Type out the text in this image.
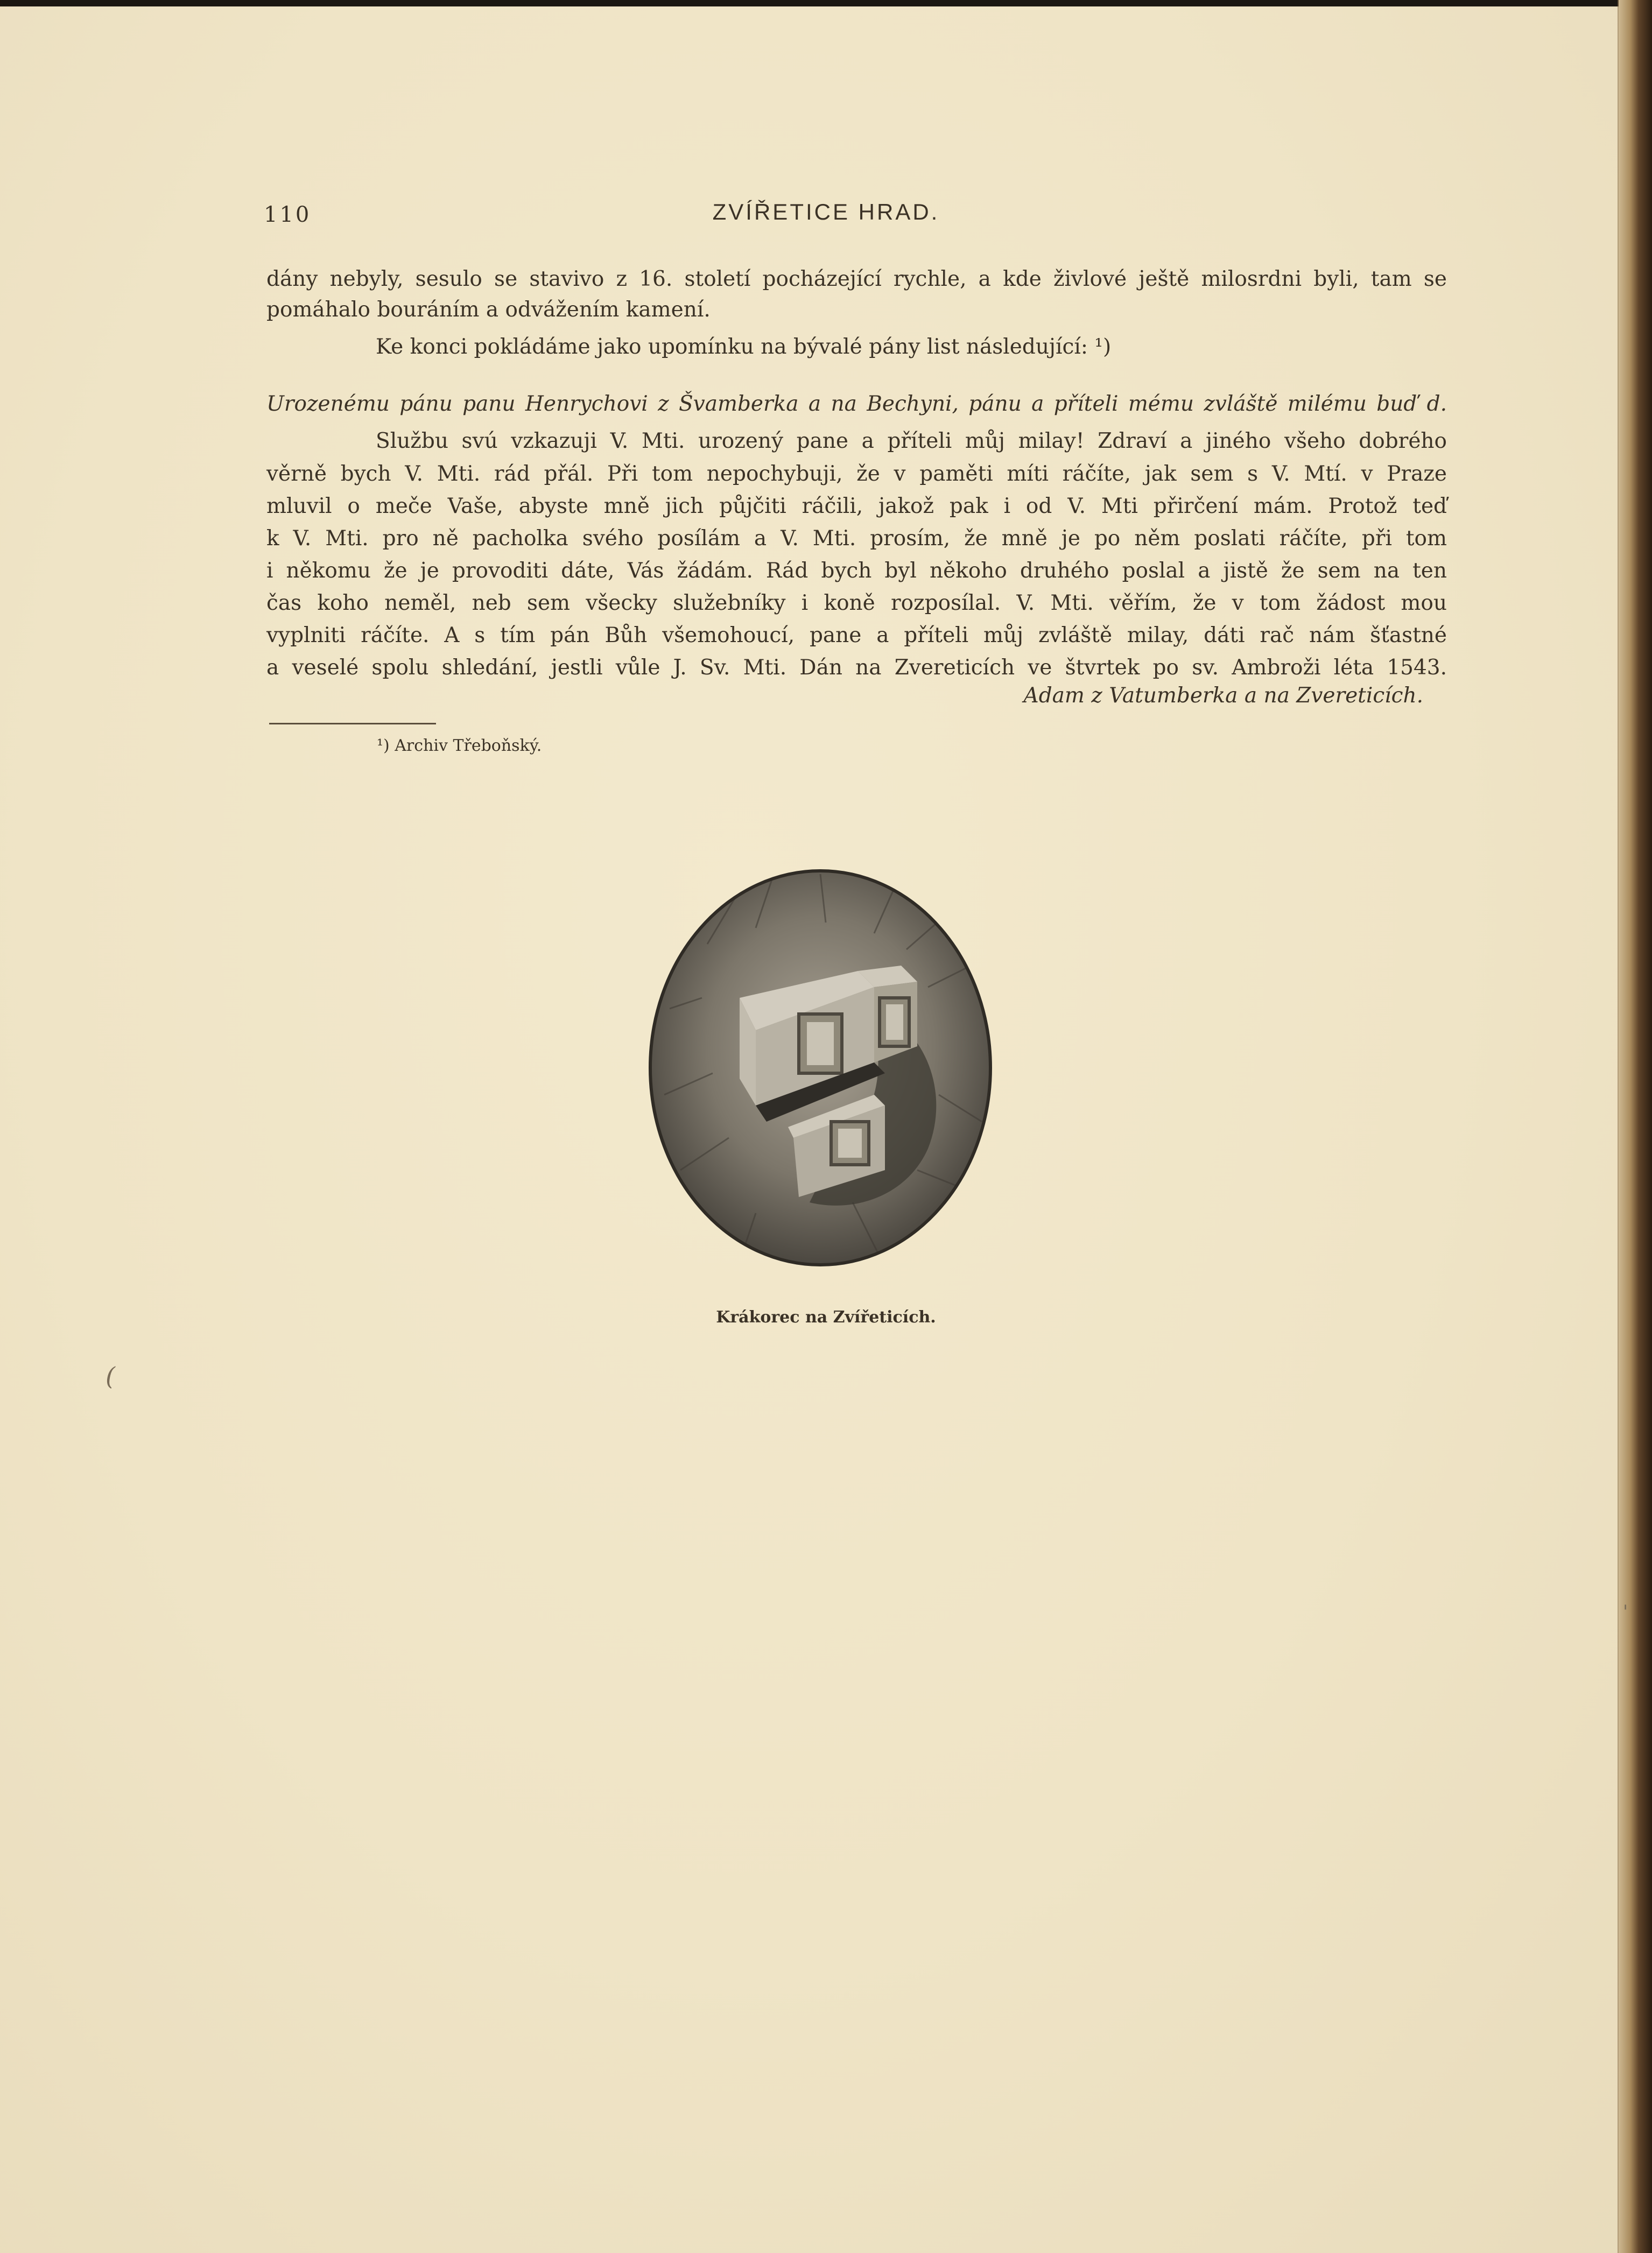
110	ZVÍŘETICE HRAD.
dány nebyly, sesulo se stavivo z 16. století pocházející rychle, a kde živlové ještě milosrdni byli, tam se
pomáhalo bouráním a odvážením kamení.
Ke konci pokládáme jako upomínku na bývalé pány list následující: ¹)
Urozenému pánu panu Henrychovi z Švamberka a na Bechyni, pánu a příteli mému zvláště milému buď d.
Službu svú vzkazuji V. Mti. urozený pane a příteli můj milay! Zdraví a jiného všeho dobrého
věrně bych V. Mti. rád přál. Při tom nepochybuji, že v paměti míti ráčíte, jak sem s V. Mtí. v Praze
mluvil o meče Vaše, abyste mně jich půjčiti ráčili, jakož pak i od V. Mti přirčení mám. Protož teď
k V. Mti. pro ně pacholka svého posílám a V. Mti. prosím, že mně je po něm poslati ráčíte, při tom
i někomu že je provoditi dáte, Vás žádám. Rád bych byl někoho druhého poslal a jistě že sem na ten
čas koho neměl, neb sem všecky služebníky i koně rozposílal. V. Mti. věřím, že v tom žádost mou
vyplniti ráčíte. A s tím pán Bůh všemohoucí, pane a příteli můj zvláště milay, dáti rač nám šťastné
a veselé spolu shledání, jestli vůle J. Sv. Mti. Dán na Zvereticích ve štvrtek po sv. Ambroži léta 1543.
Adam z Vatumberka a na Zvereticích.
¹) Archiv Třeboňský.
Krákorec na Zvířeticích.
(
'
